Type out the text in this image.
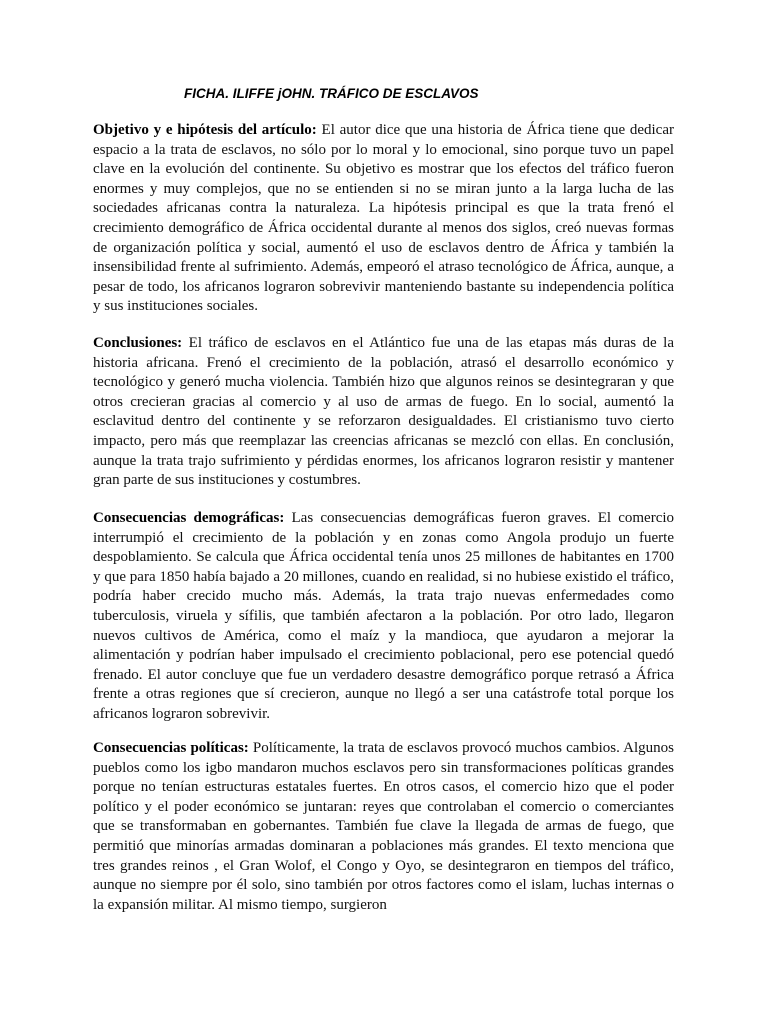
FICHA. ILIFFE jOHN. TRÁFICO DE ESCLAVOS

Objetivo y e hipótesis del artículo: El autor dice que una historia de África tiene que dedicar espacio a la trata de esclavos, no sólo por lo moral y lo emocional, sino porque tuvo un papel clave en la evolución del continente. Su objetivo es mostrar que los efectos del tráfico fueron enormes y muy complejos, que no se entienden si no se miran junto a la larga lucha de las sociedades africanas contra la naturaleza. La hipótesis principal es que la trata frenó el crecimiento demográfico de África occidental durante al menos dos siglos, creó nuevas formas de organización política y social, aumentó el uso de esclavos dentro de África y también la insensibilidad frente al sufrimiento. Además, empeoró el atraso tecnológico de África, aunque, a pesar de todo, los africanos lograron sobrevivir manteniendo bastante su independencia política y sus instituciones sociales.

Conclusiones: El tráfico de esclavos en el Atlántico fue una de las etapas más duras de la historia africana. Frenó el crecimiento de la población, atrasó el desarrollo económico y tecnológico y generó mucha violencia. También hizo que algunos reinos se desintegraran y que otros crecieran gracias al comercio y al uso de armas de fuego. En lo social, aumentó la esclavitud dentro del continente y se reforzaron desigualdades. El cristianismo tuvo cierto impacto, pero más que reemplazar las creencias africanas se mezcló con ellas. En conclusión, aunque la trata trajo sufrimiento y pérdidas enormes, los africanos lograron resistir y mantener gran parte de sus instituciones y costumbres.

Consecuencias demográficas: Las consecuencias demográficas fueron graves. El comercio interrumpió el crecimiento de la población y en zonas como Angola produjo un fuerte despoblamiento. Se calcula que África occidental tenía unos 25 millones de habitantes en 1700 y que para 1850 había bajado a 20 millones, cuando en realidad, si no hubiese existido el tráfico, podría haber crecido mucho más. Además, la trata trajo nuevas enfermedades como tuberculosis, viruela y sífilis, que también afectaron a la población. Por otro lado, llegaron nuevos cultivos de América, como el maíz y la mandioca, que ayudaron a mejorar la alimentación y podrían haber impulsado el crecimiento poblacional, pero ese potencial quedó frenado. El autor concluye que fue un verdadero desastre demográfico porque retrasó a África frente a otras regiones que sí crecieron, aunque no llegó a ser una catástrofe total porque los africanos lograron sobrevivir.

Consecuencias políticas: Políticamente, la trata de esclavos provocó muchos cambios. Algunos pueblos como los igbo mandaron muchos esclavos pero sin transformaciones políticas grandes porque no tenían estructuras estatales fuertes. En otros casos, el comercio hizo que el poder político y el poder económico se juntaran: reyes que controlaban el comercio o comerciantes que se transformaban en gobernantes. También fue clave la llegada de armas de fuego, que permitió que minorías armadas dominaran a poblaciones más grandes. El texto menciona que tres grandes reinos , el Gran Wolof, el Congo y Oyo, se desintegraron en tiempos del tráfico, aunque no siempre por él solo, sino también por otros factores como el islam, luchas internas o la expansión militar. Al mismo tiempo, surgieron
